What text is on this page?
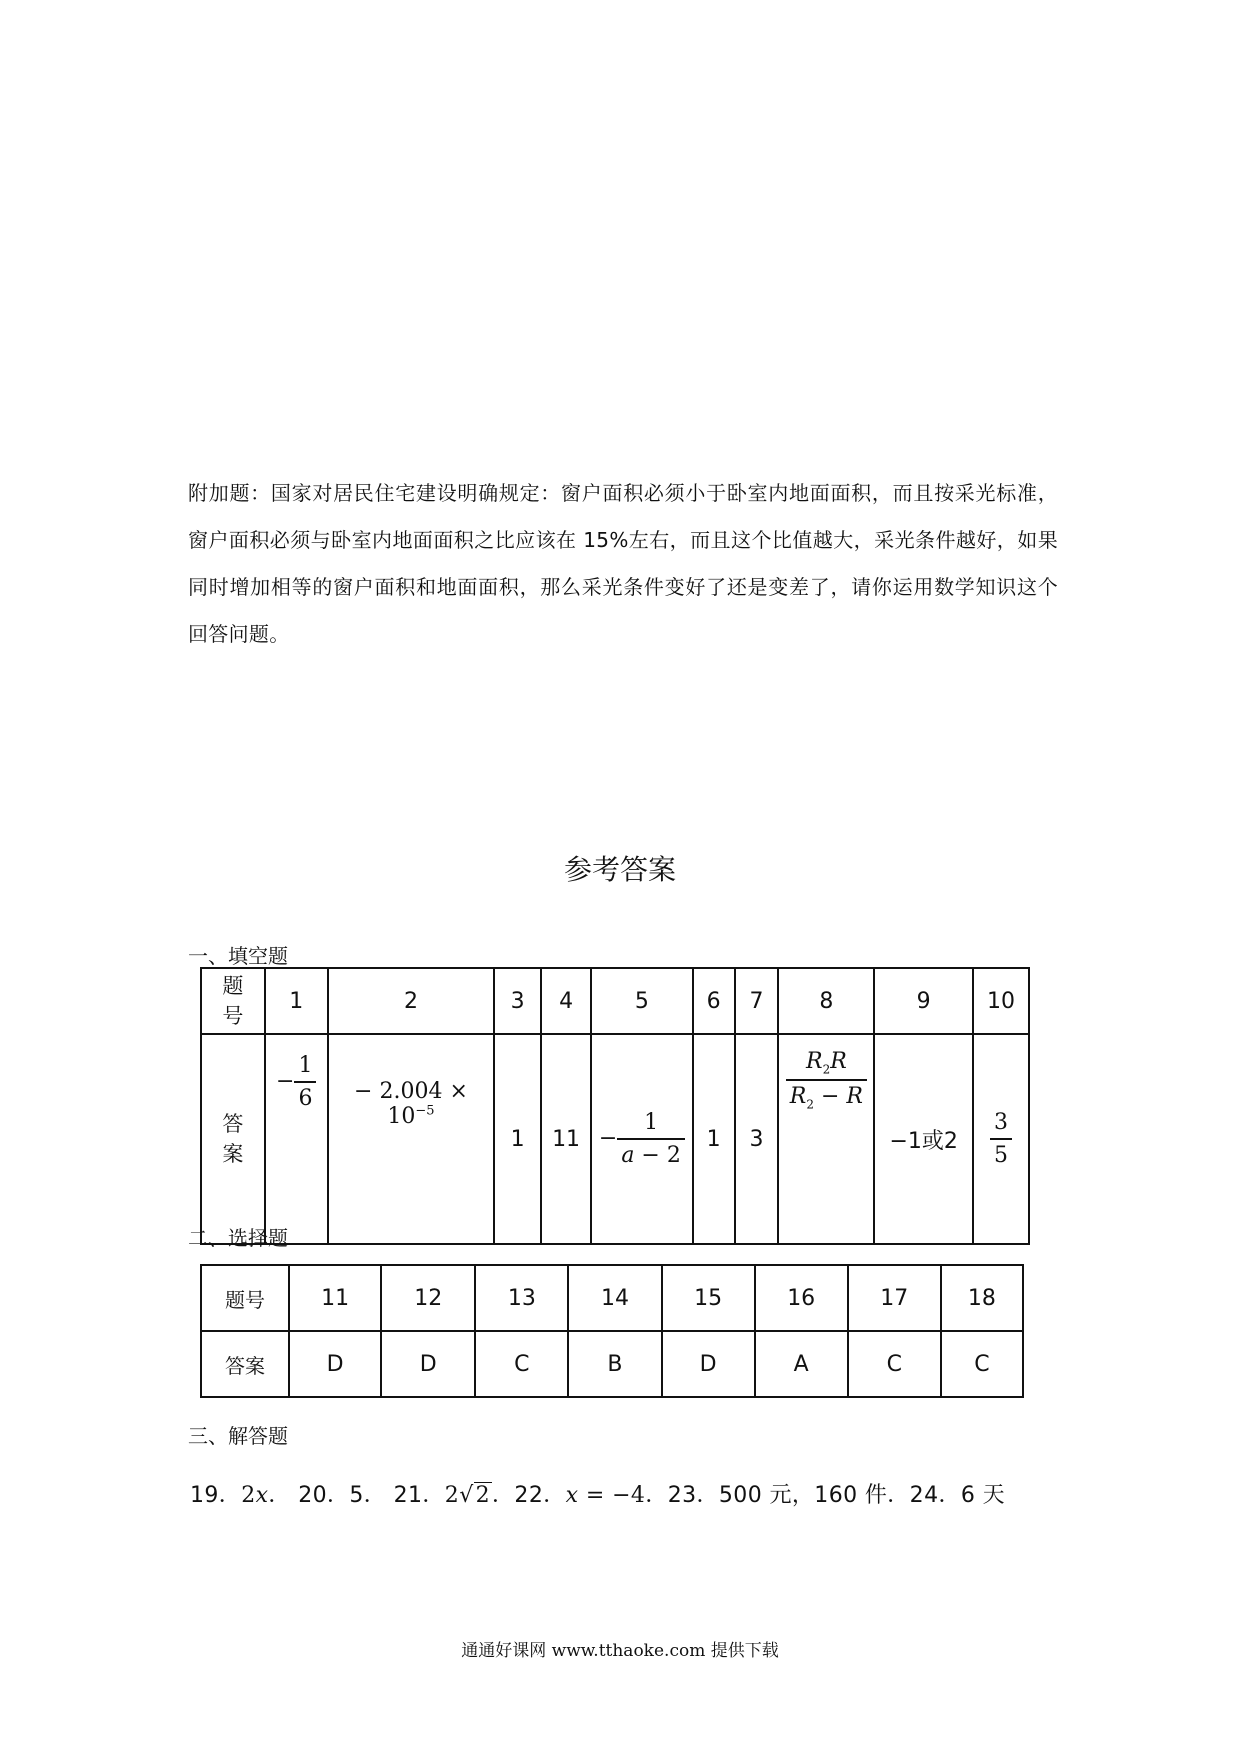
附加题：国家对居民住宅建设明确规定：窗户面积必须小于卧室内地面面积，而且按采光标准，窗户面积必须与卧室内地面面积之比应该在 15%左右，而且这个比值越大，采光条件越好，如果同时增加相等的窗户面积和地面面积，那么采光条件变好了还是变差了，请你运用数学知识这个回答问题。

参考答案
一、填空题
题
号	1	2	3	4	5	6	7	8	9	10
答
案	− $\frac{1}{6}$	− $2.004 \times 10^{-5}$	1	11	− $\frac{1}{a - 2}$	1	3	$\frac{R_2R}{R_2 - R}$	−1或2	$\frac{3}{5}$
二、选择题
题号	11	12	13	14	15	16	17	18
答案	D	D	C	B	D	A	C	C
三、解答题

19．2x． 20．5． 21．2√2．22．x = −4．23．500 元，160 件．24．6 天

通通好课网 www.tthaoke.com 提供下载
